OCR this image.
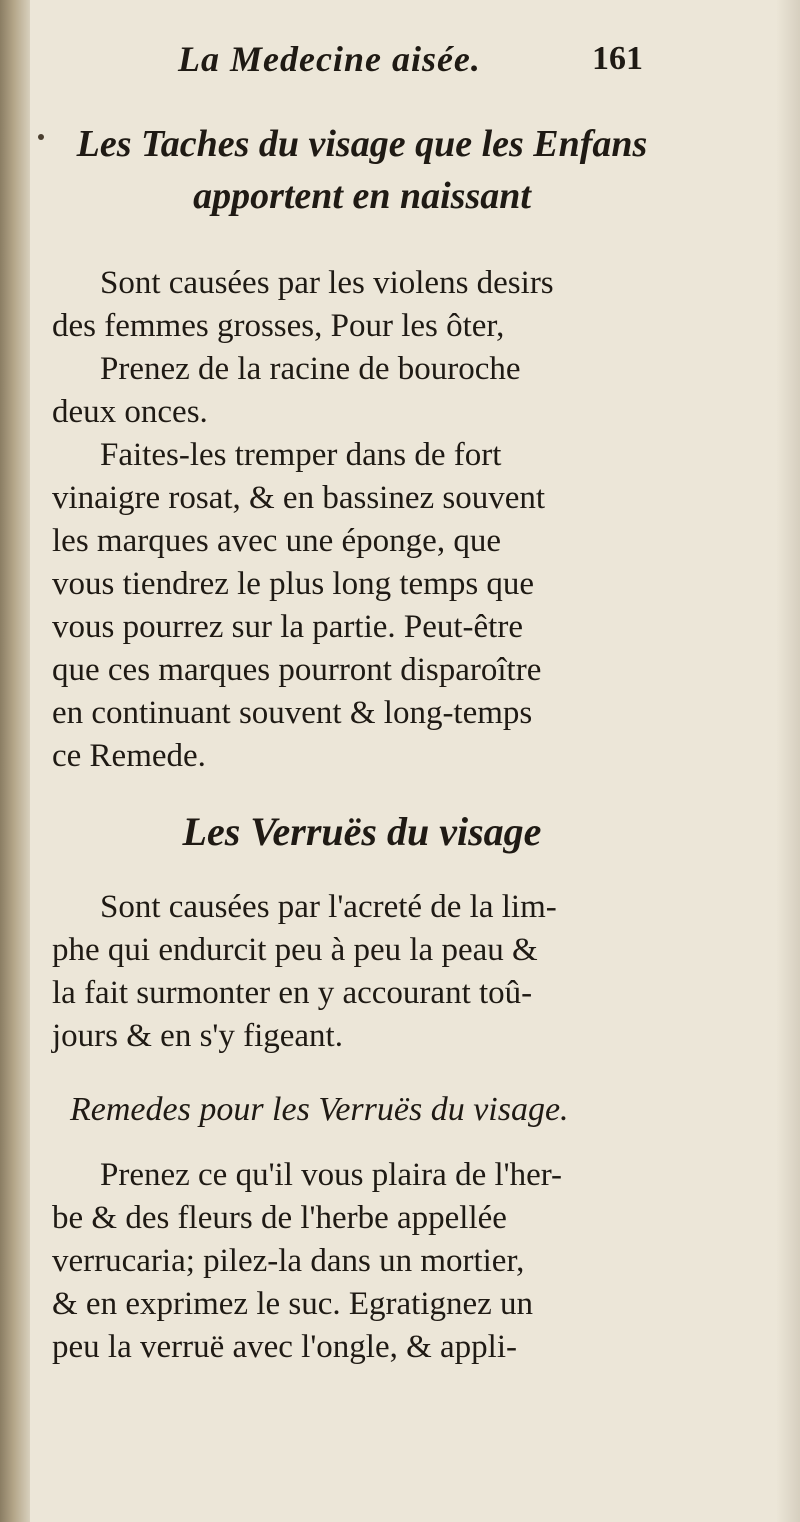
La Medecine aisée.	161
Les Taches du visage que les Enfans
apportent en naissant

Sont causées par les violens desirs
des femmes grosses, Pour les ôter,

Prenez de la racine de bouroche
deux onces.

Faites-les tremper dans de fort
vinaigre rosat, & en bassinez souvent
les marques avec une éponge, que
vous tiendrez le plus long temps que
vous pourrez sur la partie. Peut-être
que ces marques pourront disparoître
en continuant souvent & long-temps
ce Remede.

Les Verruës du visage

Sont causées par l'acreté de la lim-
phe qui endurcit peu à peu la peau &
la fait surmonter en y accourant toû-
jours & en s'y figeant.

Remedes pour les Verruës du visage.

Prenez ce qu'il vous plaira de l'her-
be & des fleurs de l'herbe appellée
verrucaria; pilez-la dans un mortier,
& en exprimez le suc. Egratignez un
peu la verruë avec l'ongle, & appli-
